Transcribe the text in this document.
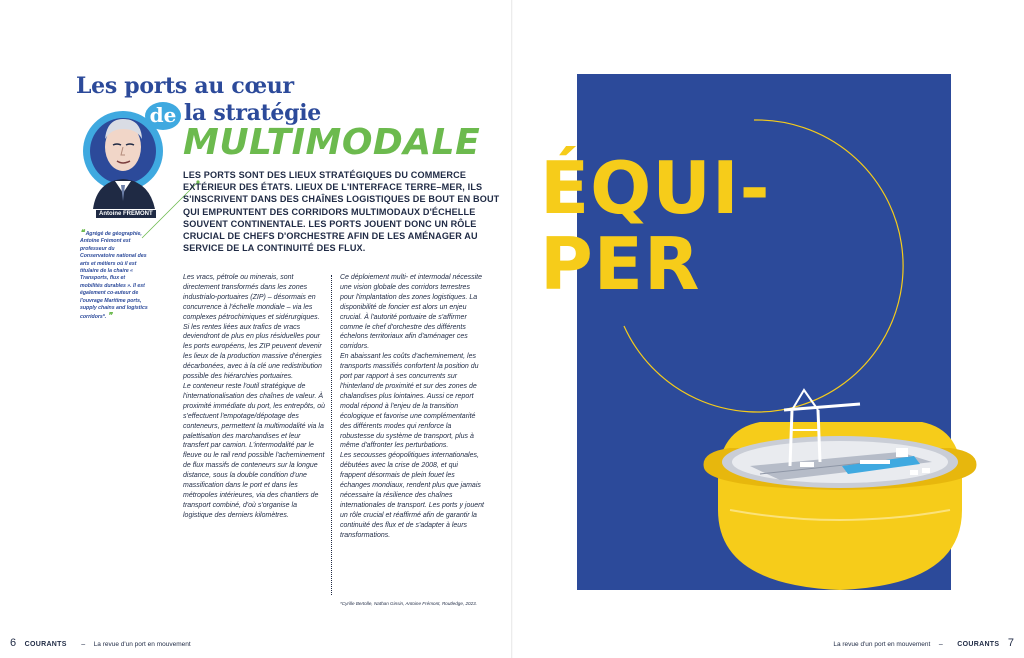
Les ports au cœur
de la stratégie
MULTIMODALE
Antoine FRÉMONT
❝ Agrégé de géographie, Antoine Frémont est professeur du Conservatoire national des arts et métiers où il est titulaire de la chaire « Transports, flux et mobilités durables ». Il est également co-auteur de l'ouvrage Maritime ports, supply chains and logistics corridors*. ❞
LES PORTS SONT DES LIEUX STRATÉGIQUES DU COMMERCE EXTÉRIEUR DES ÉTATS. LIEUX DE L'INTERFACE TERRE–MER, ILS S'INSCRIVENT DANS DES CHAÎNES LOGISTIQUES DE BOUT EN BOUT QUI EMPRUNTENT DES CORRIDORS MULTIMODAUX D'ÉCHELLE SOUVENT CONTINENTALE. LES PORTS JOUENT DONC UN RÔLE CRUCIAL DE CHEFS D'ORCHESTRE AFIN DE LES AMÉNAGER AU SERVICE DE LA CONTINUITÉ DES FLUX.

Les vracs, pétrole ou minerais, sont directement transformés dans les zones industrialo-portuaires (ZIP) – désormais en concurrence à l'échelle mondiale – via les complexes pétrochimiques et sidérurgiques. Si les rentes liées aux trafics de vracs deviendront de plus en plus résiduelles pour les ports européens, les ZIP peuvent devenir les lieux de la production massive d'énergies décarbonées, avec à la clé une redistribution possible des hiérarchies portuaires.

Le conteneur reste l'outil stratégique de l'internationalisation des chaînes de valeur. À proximité immédiate du port, les entrepôts, où s'effectuent l'empotage/dépotage des conteneurs, permettent la multimodalité via la palettisation des marchandises et leur transfert par camion. L'intermodalité par le fleuve ou le rail rend possible l'acheminement de flux massifs de conteneurs sur la longue distance, sous la double condition d'une massification dans le port et dans les métropoles intérieures, via des chantiers de transport combiné, d'où s'organise la logistique des derniers kilomètres.

Ce déploiement multi- et intermodal nécessite une vision globale des corridors terrestres pour l'implantation des zones logistiques. La disponibilité de foncier est alors un enjeu crucial. À l'autorité portuaire de s'affirmer comme le chef d'orchestre des différents échelons territoriaux afin d'aménager ces corridors.

En abaissant les coûts d'acheminement, les transports massifiés confortent la position du port par rapport à ses concurrents sur l'hinterland de proximité et sur des zones de chalandises plus lointaines. Aussi ce report modal répond à l'enjeu de la transition écologique et favorise une complémentarité des différents modes qui renforce la robustesse du système de transport, plus à même d'affronter les perturbations.

Les secousses géopolitiques internationales, débutées avec la crise de 2008, et qui frappent désormais de plein fouet les échanges mondiaux, rendent plus que jamais nécessaire la résilience des chaînes internationales de transport. Les ports y jouent un rôle crucial et réaffirmé afin de garantir la continuité des flux et de s'adapter à leurs transformations.

*Cyrille Bertolle, Nathan Ginsin, Antoine Frémont, Routledge, 2023.
ÉQUI-
PER
6 COURANTS – La revue d'un port en mouvement	La revue d'un port en mouvement – COURANTS 7
